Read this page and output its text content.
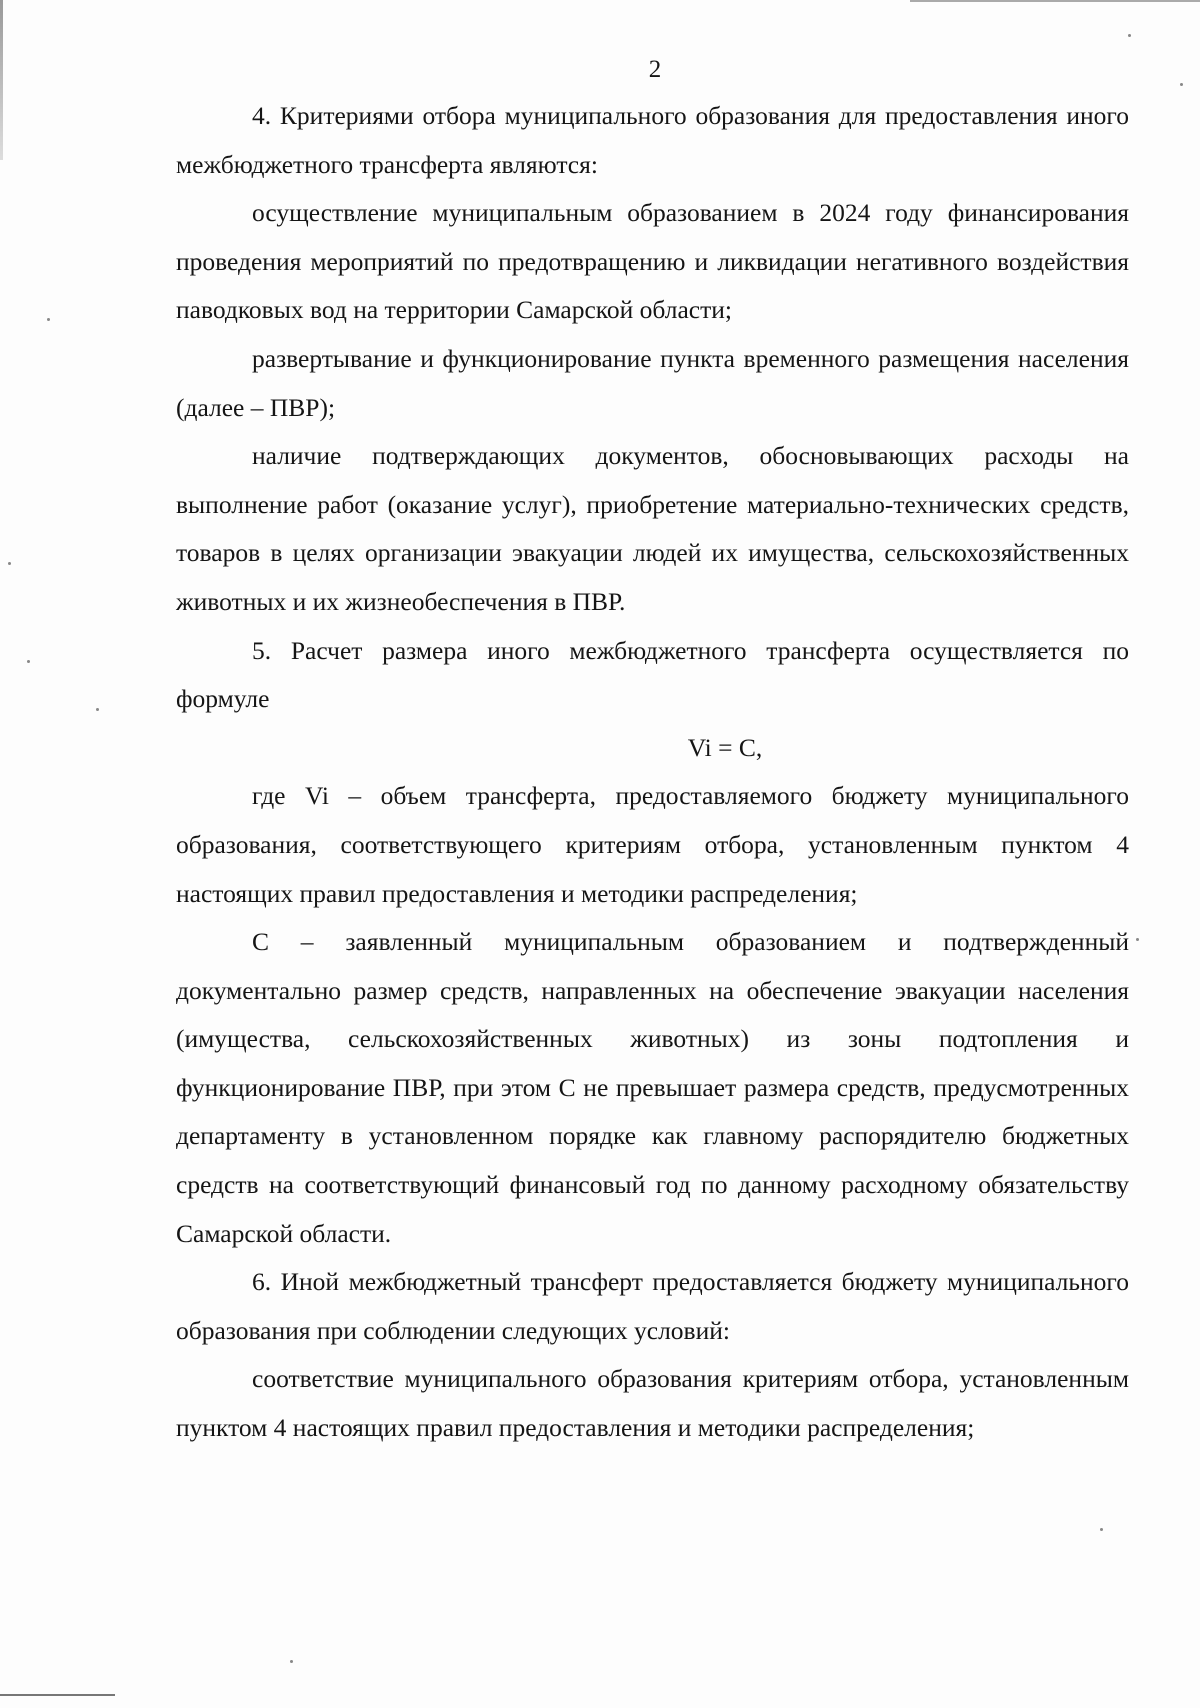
2

4. Критериями отбора муниципального образования для предоставления иного межбюджетного трансферта являются:

осуществление муниципальным образованием в 2024 году финансирования проведения мероприятий по предотвращению и ликвидации негативного воздействия паводковых вод на территории Самарской области;

развертывание и функционирование пункта временного размещения населения (далее – ПВР);

наличие подтверждающих документов, обосновывающих расходы на выполнение работ (оказание услуг), приобретение материально-технических средств, товаров в целях организации эвакуации людей их имущества, сельскохозяйственных животных и их жизнеобеспечения в ПВР.

5. Расчет размера иного межбюджетного трансферта осуществляется по формуле

Vi = C,

где Vi – объем трансферта, предоставляемого бюджету муниципального образования, соответствующего критериям отбора, установленным пунктом 4 настоящих правил предоставления и методики распределения;

С – заявленный муниципальным образованием и подтвержденный документально размер средств, направленных на обеспечение эвакуации населения (имущества, сельскохозяйственных животных) из зоны подтопления и функционирование ПВР, при этом С не превышает размера средств, предусмотренных департаменту в установленном порядке как главному распорядителю бюджетных средств на соответствующий финансовый год по данному расходному обязательству Самарской области.

6. Иной межбюджетный трансферт предоставляется бюджету муниципального образования при соблюдении следующих условий:

соответствие муниципального образования критериям отбора, установленным пунктом 4 настоящих правил предоставления и методики распределения;
